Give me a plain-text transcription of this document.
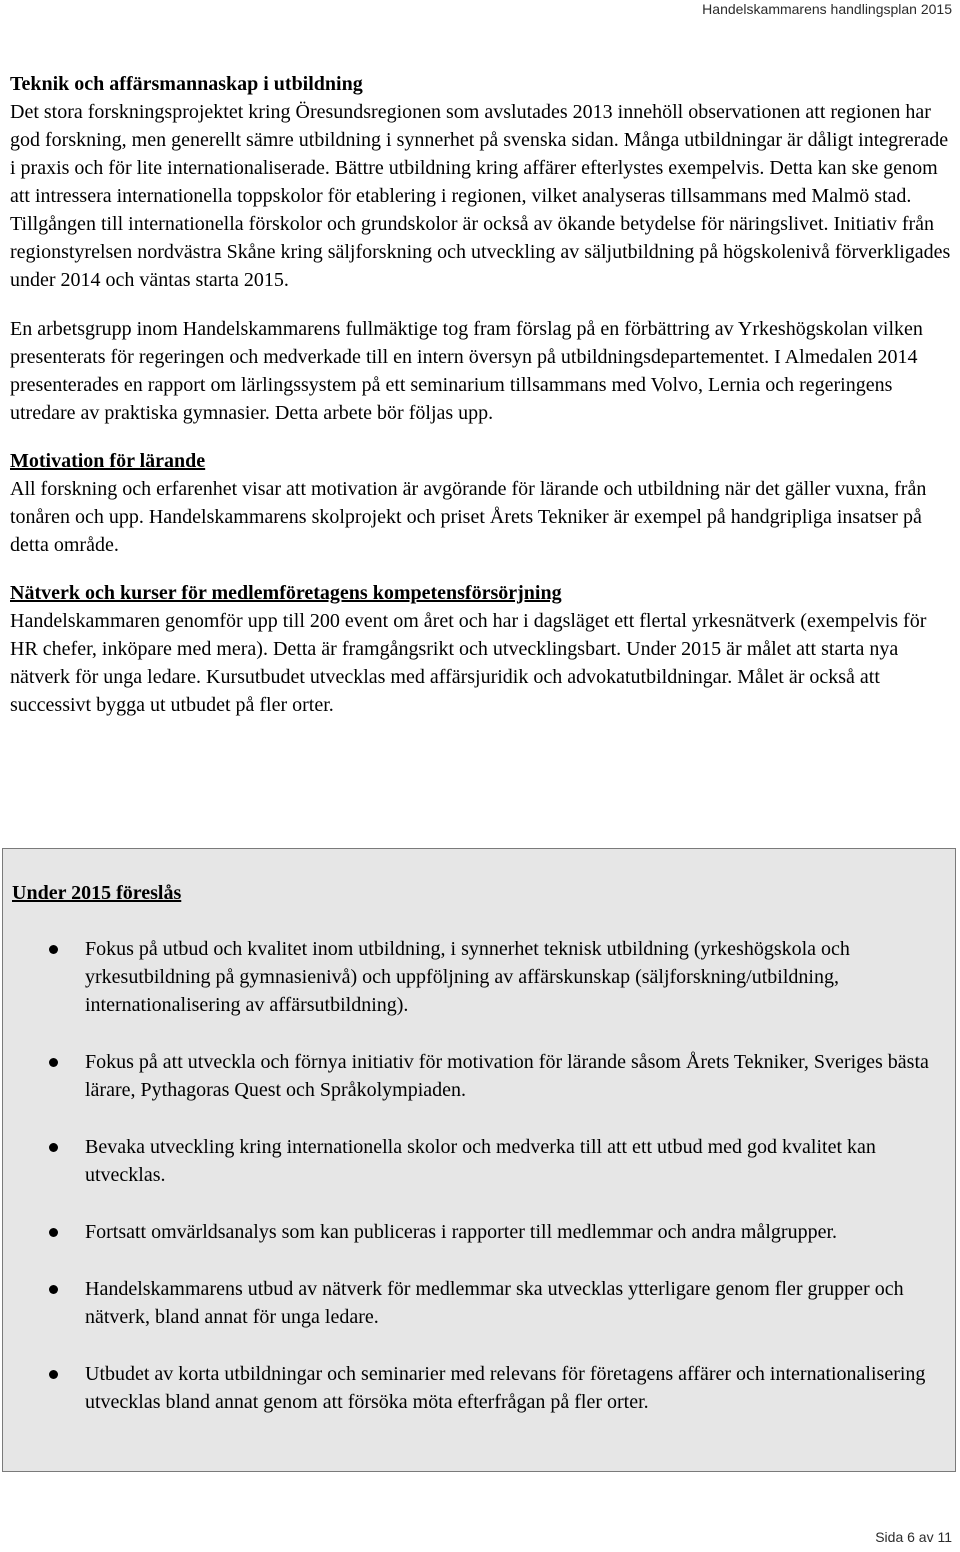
Handelskammarens handlingsplan 2015
Teknik och affärsmannaskap i utbildning

Det stora forskningsprojektet kring Öresundsregionen som avslutades 2013 innehöll observationen att regionen har god forskning, men generellt sämre utbildning i synnerhet på svenska sidan. Många utbildningar är dåligt integrerade i praxis och för lite internationaliserade. Bättre utbildning kring affärer efterlystes exempelvis. Detta kan ske genom att intressera internationella toppskolor för etablering i regionen, vilket analyseras tillsammans med Malmö stad. Tillgången till internationella förskolor och grundskolor är också av ökande betydelse för näringslivet. Initiativ från regionstyrelsen nordvästra Skåne kring säljforskning och utveckling av säljutbildning på högskolenivå förverkligades under 2014 och väntas starta 2015.

En arbetsgrupp inom Handelskammarens fullmäktige tog fram förslag på en förbättring av Yrkeshögskolan vilken presenterats för regeringen och medverkade till en intern översyn på utbildningsdepartementet. I Almedalen 2014 presenterades en rapport om lärlingssystem på ett seminarium tillsammans med Volvo, Lernia och regeringens utredare av praktiska gymnasier. Detta arbete bör följas upp.

Motivation för lärande

All forskning och erfarenhet visar att motivation är avgörande för lärande och utbildning när det gäller vuxna, från tonåren och upp. Handelskammarens skolprojekt och priset Årets Tekniker är exempel på handgripliga insatser på detta område.

Nätverk och kurser för medlemföretagens kompetensförsörjning

Handelskammaren genomför upp till 200 event om året och har i dagsläget ett flertal yrkesnätverk (exempelvis för HR chefer, inköpare med mera). Detta är framgångsrikt och utvecklingsbart. Under 2015 är målet att starta nya nätverk för unga ledare. Kursutbudet utvecklas med affärsjuridik och advokatutbildningar. Målet är också att successivt bygga ut utbudet på fler orter.

Under 2015 föreslås
Fokus på utbud och kvalitet inom utbildning, i synnerhet teknisk utbildning (yrkeshögskola och yrkesutbildning på gymnasienivå) och uppföljning av affärskunskap (säljforskning/utbildning, internationalisering av affärsutbildning).
Fokus på att utveckla och förnya initiativ för motivation för lärande såsom Årets Tekniker, Sveriges bästa lärare, Pythagoras Quest och Språkolympiaden.
Bevaka utveckling kring internationella skolor och medverka till att ett utbud med god kvalitet kan utvecklas.
Fortsatt omvärldsanalys som kan publiceras i rapporter till medlemmar och andra målgrupper.
Handelskammarens utbud av nätverk för medlemmar ska utvecklas ytterligare genom fler grupper och nätverk, bland annat för unga ledare.
Utbudet av korta utbildningar och seminarier med relevans för företagens affärer och internationalisering utvecklas bland annat genom att försöka möta efterfrågan på fler orter.
Sida 6 av 11
